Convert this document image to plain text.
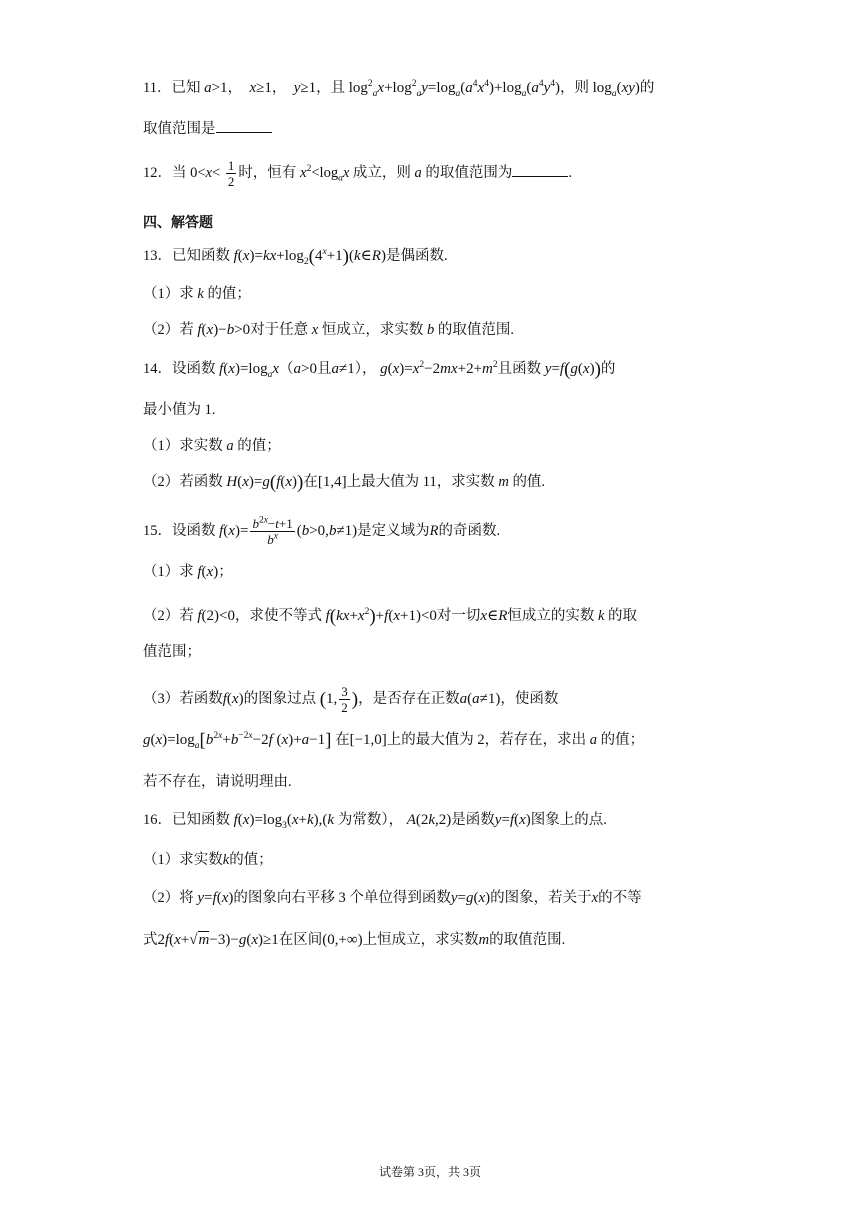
11．已知 a>1， x≥1， y≥1，且 $\log^2_ax+\log^2_ay=\log_a(a^4x^4)+\log_a(a^4y^4)$，则 $\log_a(xy)$的
取值范围是
12．当 $0<x< \frac{1}{2}$ 时，恒有 $x^2<\log_ax$ 成立，则 a 的取值范围为	.
四、解答题
13．已知函数 $f(x)=kx+\log_2(4^x+1)(k\in R)$是偶函数.
（1）求 k 的值；
（2）若 f(x)−b>0对于任意 x 恒成立，求实数 b 的取值范围.
14．设函数 $f(x)=\log_ax(a>0$且a≠1）， $g(x)=x^2-2mx+2+m^2$且函数 y=f(g(x))的
最小值为 1.
（1）求实数 a 的值；
（2）若函数 H(x)=g(f(x))在[1,4]上最大值为 11，求实数 m 的值.
15．设函数 $f(x)= \frac{b^{2x}-t+1}{b^x} (b>0,b\ne 1)$是定义域为R的奇函数.
（1）求 f(x)；
（2）若 f(2)<0，求使不等式 $f(kx+x^2)+f(x+1)<0$对一切x∈R恒成立的实数 k 的取
值范围；
（3）若函数f(x)的图象过点 (1, $\frac{3}{2}$ )，是否存在正数a(a≠1)，使函数
$g(x)=\log_a[b^{2x}+b^{-2x}-2f$ (x)+a−1] 在[−1,0]上的最大值为 2，若存在，求出 a 的值；
若不存在，请说明理由.
16．已知函数 $f(x)=\log_3(x+k),(k$ 为常数）， A(2k,2)是函数y=f(x)图象上的点.
（1）求实数k的值；
（2）将 y=f(x)的图象向右平移 3 个单位得到函数y=g(x)的图象，若关于x的不等
式2f(x+√m−3)−g(x)≥1在区间(0,+∞)上恒成立，求实数m的取值范围.
试卷第 3页，共 3页
